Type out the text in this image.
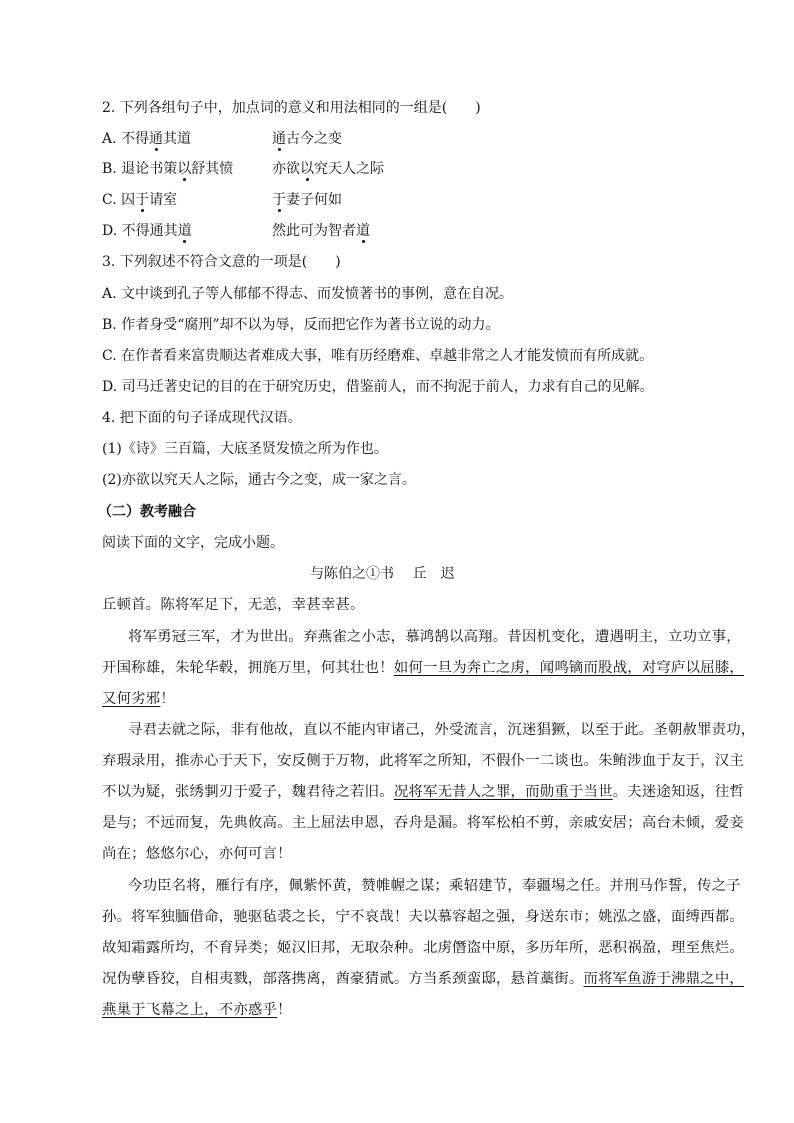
2. 下列各组句子中，加点词的意义和用法相同的一组是(　　)
A. 不得通其道	通古今之变
B. 退论书策以舒其愤	亦欲以究天人之际
C. 囚于请室	于妻子何如
D. 不得通其道	然此可为智者道
3. 下列叙述不符合文意的一项是(　　)
A. 文中谈到孔子等人郁郁不得志、而发愤著书的事例，意在自况。
B. 作者身受“腐刑”却不以为辱，反而把它作为著书立说的动力。
C. 在作者看来富贵顺达者难成大事，唯有历经磨难、卓越非常之人才能发愤而有所成就。
D. 司马迁著史记的目的在于研究历史，借鉴前人，而不拘泥于前人，力求有自己的见解。
4. 把下面的句子译成现代汉语。
(1)《诗》三百篇，大底圣贤发愤之所为作也。
(2)亦欲以究天人之际，通古今之变，成一家之言。
（二）教考融合
阅读下面的文字，完成小题。
与陈伯之①书　 丘　迟
丘顿首。陈将军足下，无恙，幸甚幸甚。
将军勇冠三军，才为世出。弃燕雀之小志，慕鸿鹄以高翔。昔因机变化，遭遇明主，立功立事，
开国称雄，朱轮华毂，拥旄万里，何其壮也！如何一旦为奔亡之虏，闻鸣镝而股战，对穹庐以屈膝，
又何劣邪！
寻君去就之际，非有他故，直以不能内审诸己，外受流言，沉迷猖獗，以至于此。圣朝赦罪责功，
弃瑕录用，推赤心于天下，安反侧于万物，此将军之所知，不假仆一二谈也。朱鲔涉血于友于，汉主
不以为疑，张绣剚刃于爱子，魏君待之若旧。况将军无昔人之罪，而勋重于当世。夫迷途知返，往哲
是与；不远而复，先典攸高。主上屈法申恩，吞舟是漏。将军松柏不剪，亲戚安居；高台未倾，爱妾
尚在；悠悠尔心，亦何可言！
今功臣名将，雁行有序，佩紫怀黄，赞帷幄之谋；乘轺建节，奉疆埸之任。并刑马作誓，传之子
孙。将军独腼借命，驰驱毡裘之长，宁不哀哉！夫以慕容超之强，身送东市；姚泓之盛，面缚西都。
故知霜露所均，不育异类；姬汉旧邦，无取杂种。北虏僭盗中原，多历年所，恶积祸盈，理至焦烂。
况伪孽昏狡，自相夷戮，部落携离，酋豪猜贰。方当系颈蛮邸，悬首藁街。而将军鱼游于沸鼎之中，
燕巢于飞幕之上，不亦惑乎！
